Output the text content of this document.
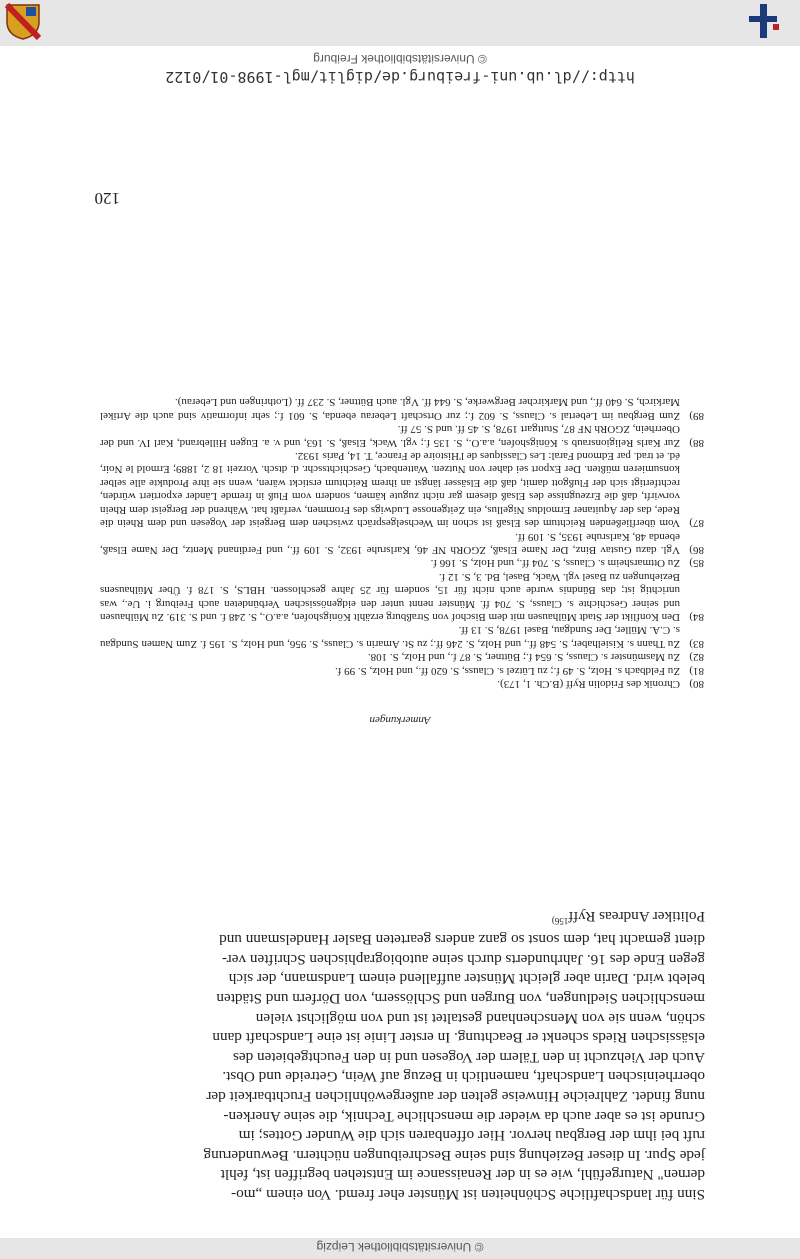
Sinn für landschaftliche Schönheiten ist Münster eher fremd. Von einem „mo-

dernen" Naturgefühl, wie es in der Renaissance im Entstehen begriffen ist, fehlt

jede Spur. In dieser Beziehung sind seine Beschreibungen nüchtern. Bewunderung

ruft bei ihm der Bergbau hervor. Hier offenbaren sich die Wunder Gottes; im

Grunde ist es aber auch da wieder die menschliche Technik, die seine Anerken-

nung findet. Zahlreiche Hinweise gelten der außergewöhnlichen Fruchtbarkeit der

oberrheinischen Landschaft, namentlich in Bezug auf Wein, Getreide und Obst.

Auch der Viehzucht in den Tälern der Vogesen und in den Feuchtgebieten des

elsässischen Rieds schenkt er Beachtung. In erster Linie ist eine Landschaft dann

schön, wenn sie von Menschenhand gestaltet ist und von möglichst vielen

menschlichen Siedlungen, von Burgen und Schlössern, von Dörfern und Städten

belebt wird. Darin aber gleicht Münster auffallend einem Landsmann, der sich

gegen Ende des 16. Jahrhunderts durch seine autobiographischen Schriften ver-

dient gemacht hat, dem sonst so ganz anders gearteten Basler Handelsmann und

Politiker Andreas Ryff$^{156)}$

Anmerkungen
80)
Chronik des Fridolin Ryff (B.Ch. 1, 173).
81)
Zu Feldbach s. Holz, S. 49 f.; zu Lützel s. Clauss, S. 620 ff., und Holz, S. 99 f.
82)
Zu Masmünster s. Clauss, S. 654 f.; Büttner, S. 87 f., und Holz, S. 108.
83)
Zu Thann s. Kisielhaber, S. 548 ff., und Holz, S. 246 ff.; zu St. Amarin s. Clauss, S. 956, und Holz, S. 195 f. Zum Namen Sundgau s. C.A. Müller, Der Sundgau, Basel 1978, S. 13 ff.
84)
Den Konflikt der Stadt Mülhausen mit dem Bischof von Straßburg erzählt Königshofen, a.a.O., S. 248 f. und S. 319. Zu Mülhausen und seiner Geschichte s. Clauss, S. 704 ff. Münster nennt unter den eidgenössischen Verbündeten auch Freiburg i. Ue., was unrichtig ist; das Bündnis wurde auch nicht für 15, sondern für 25 Jahre geschlossen. HBLS, S. 178 f. Über Mülhausens Beziehungen zu Basel vgl. Wack, Basel, Bd. 3, S. 12 f.
85)
Zu Ottmarsheim s. Clauss, S. 704 ff., und Holz, S. 166 f.
86)
Vgl. dazu Gustav Binz, Der Name Elsaß, ZGORh NF 46, Karlsruhe 1932, S. 109 ff., und Ferdinand Mentz, Der Name Elsaß, ebenda 48, Karlsruhe 1935, S. 109 ff.
87)
Vom überfließenden Reichtum des Elsaß ist schon im Wechselgespräch zwischen dem Bergeist der Vogesen und dem Rhein die Rede, das der Aquitaner Ermoldus Nigellus, ein Zeitgenosse Ludwigs des Frommen, verfaßt hat. Während der Bergeist dem Rhein vorwirft, daß die Erzeugnisse des Elsaß diesem gar nicht zugute kämen, sondern vom Fluß in fremde Länder exportiert würden, rechtfertigt sich der Flußgott damit, daß die Elsässer längst an ihrem Reichtum erstickt wären, wenn sie ihre Produkte alle selber konsumieren müßten. Der Export sei daher von Nutzen. Wattenbach, Geschichtsschr. d. dtsch. Vorzeit 18 2, 1889; Ermold le Noir, éd. et trad. par Edmond Faral: Les Classiques de l'Histoire de France, T. 14, Paris 1932.
88)
Zur Karls Religionsraub s. Königshofen, a.a.O., S. 135 f.; vgl. Wack, Elsaß, S. 163, und v. a. Eugen Hillebrand, Karl IV. und der Oberrhein, ZGORh NF 87, Stuttgart 1978, S. 45 ff. und S. 57 ff.
89)
Zum Bergbau im Lebertal s. Clauss, S. 602 f.; zur Ortschaft Leberau ebenda, S. 601 f.; sehr informativ sind auch die Artikel Markirch, S. 640 ff., und Markircher Bergwerke, S. 644 ff. Vgl. auch Büttner, S. 237 ff. (Lothringen und Leberau).
120
http://dl.ub.uni-freiburg.de/diglit/mgl-1998-01/0122
© Universitätsbibliothek Freiburg
© Universitätsbibliothek Leipzig
